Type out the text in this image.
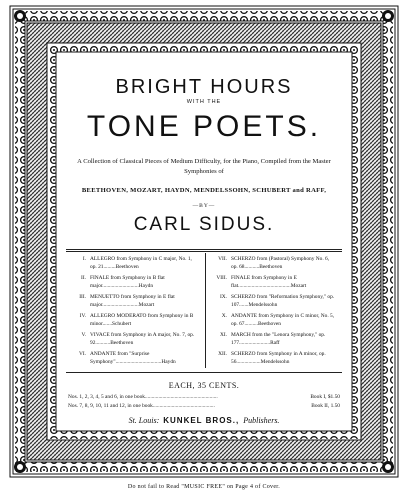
BRIGHT HOURS
WITH THE
TONE POETS.
A Collection of Classical Pieces of Medium Difficulty, for the Piano, Compiled from the Master Symphonies of
BEETHOVEN, MOZART, HAYDN, MENDELSSOHN, SCHUBERT and RAFF,
—BY—
CARL SIDUS.
I. ALLEGRO from Symphony in C major, No. 1, op. 21.........Beethoven
II. FINALE from Symphony in B flat major...........................Haydn
III. MENUETTO from Symphony in E flat major...........................Mozart
IV. ALLEGRO MODERATO from Symphony in B minor.......Schubert
V. VIVACE from Symphony in A major, No. 7, op. 92...........Beethoven
VI. ANDANTE from "Surprise Symphony"..................................Haydn
VII. SCHERZO from (Pastoral) Symphony No. 6, op. 68...........Beethoven
VIII. FINALE from Symphony in E flat.......................................Mozart
IX. SCHERZO from "Reformation Symphony," op. 107.......Mendelssohn
X. ANDANTE from Symphony in C minor, No. 5, op. 67..........Beethoven
XI. MARCH from the "Lenora Symphony," op. 177.......................Raff
XII. SCHERZO from Symphony in A minor, op. 56..................Mendelssohn
EACH, 35 CENTS.
Nos. 1, 2, 3, 4, 5 and 6, in one book......................................................	Book I, $1.50
Nos. 7, 8, 9, 10, 11 and 12, in one book..............................................	Book II, 1.50
St. Louis: KUNKEL BROS., Publishers.
Do not fail to Read "MUSIC FREE" on Page 4 of Cover.
